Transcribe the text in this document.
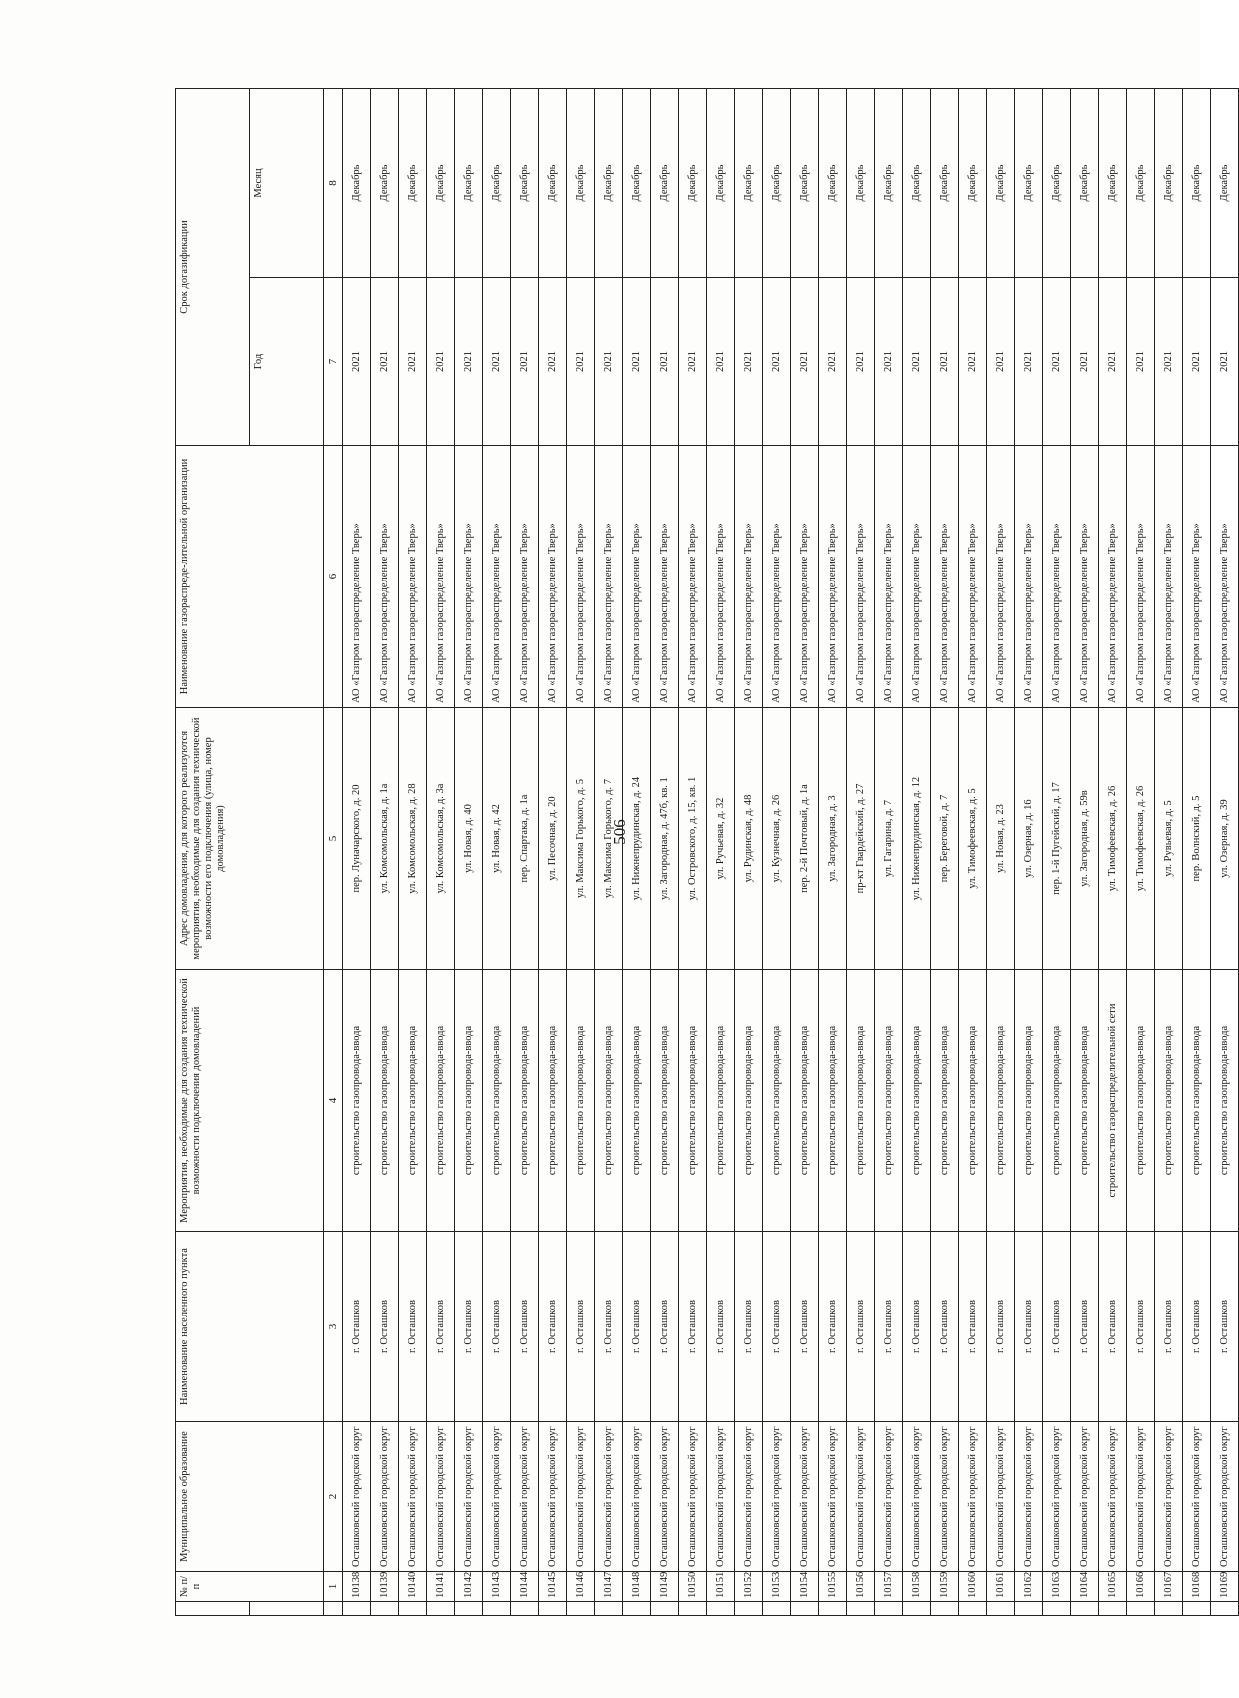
506
	№ п/п	Муниципальное образование	Наименование населенного пункта	Мероприятия, необходимые для создания технической возможности подключения домовладений	Адрес домовладения, для которого реализуются мероприятия, необходимые для создания технической возможности его подключения (улица, номер домовладения)	Наименование газораспреде-лительной организации	Срок догазификации	
							Год	Месяц
	1	2	3	4	5	6	7	8
	10138	Осташковский городской округ	г. Осташков	строительство газопровода-ввода	пер. Луначарского, д. 20	АО «Газпром газораспределение Тверь»	2021	Декабрь
	10139	Осташковский городской округ	г. Осташков	строительство газопровода-ввода	ул. Комсомольская, д. 1а	АО «Газпром газораспределение Тверь»	2021	Декабрь
	10140	Осташковский городской округ	г. Осташков	строительство газопровода-ввода	ул. Комсомольская, д. 28	АО «Газпром газораспределение Тверь»	2021	Декабрь
	10141	Осташковский городской округ	г. Осташков	строительство газопровода-ввода	ул. Комсомольская, д. 3а	АО «Газпром газораспределение Тверь»	2021	Декабрь
	10142	Осташковский городской округ	г. Осташков	строительство газопровода-ввода	ул. Новая, д. 40	АО «Газпром газораспределение Тверь»	2021	Декабрь
	10143	Осташковский городской округ	г. Осташков	строительство газопровода-ввода	ул. Новая, д. 42	АО «Газпром газораспределение Тверь»	2021	Декабрь
	10144	Осташковский городской округ	г. Осташков	строительство газопровода-ввода	пер. Спартака, д. 1а	АО «Газпром газораспределение Тверь»	2021	Декабрь
	10145	Осташковский городской округ	г. Осташков	строительство газопровода-ввода	ул. Песочная, д. 20	АО «Газпром газораспределение Тверь»	2021	Декабрь
	10146	Осташковский городской округ	г. Осташков	строительство газопровода-ввода	ул. Максима Горького, д. 5	АО «Газпром газораспределение Тверь»	2021	Декабрь
	10147	Осташковский городской округ	г. Осташков	строительство газопровода-ввода	ул. Максима Горького, д. 7	АО «Газпром газораспределение Тверь»	2021	Декабрь
	10148	Осташковский городской округ	г. Осташков	строительство газопровода-ввода	ул. Нижнепрудинская, д. 24	АО «Газпром газораспределение Тверь»	2021	Декабрь
	10149	Осташковский городской округ	г. Осташков	строительство газопровода-ввода	ул. Загородная, д. 47б, кв. 1	АО «Газпром газораспределение Тверь»	2021	Декабрь
	10150	Осташковский городской округ	г. Осташков	строительство газопровода-ввода	ул. Островского, д. 15, кв. 1	АО «Газпром газораспределение Тверь»	2021	Декабрь
	10151	Осташковский городской округ	г. Осташков	строительство газопровода-ввода	ул. Ручьевая, д. 32	АО «Газпром газораспределение Тверь»	2021	Декабрь
	10152	Осташковский городской округ	г. Осташков	строительство газопровода-ввода	ул. Рудинская, д. 48	АО «Газпром газораспределение Тверь»	2021	Декабрь
	10153	Осташковский городской округ	г. Осташков	строительство газопровода-ввода	ул. Кузнечная, д. 26	АО «Газпром газораспределение Тверь»	2021	Декабрь
	10154	Осташковский городской округ	г. Осташков	строительство газопровода-ввода	пер. 2-й Почтовый, д. 1а	АО «Газпром газораспределение Тверь»	2021	Декабрь
	10155	Осташковский городской округ	г. Осташков	строительство газопровода-ввода	ул. Загородная, д. 3	АО «Газпром газораспределение Тверь»	2021	Декабрь
	10156	Осташковский городской округ	г. Осташков	строительство газопровода-ввода	пр-кт Гвардейский, д. 27	АО «Газпром газораспределение Тверь»	2021	Декабрь
	10157	Осташковский городской округ	г. Осташков	строительство газопровода-ввода	ул. Гагарина, д. 7	АО «Газпром газораспределение Тверь»	2021	Декабрь
	10158	Осташковский городской округ	г. Осташков	строительство газопровода-ввода	ул. Нижнепрудинская, д. 12	АО «Газпром газораспределение Тверь»	2021	Декабрь
	10159	Осташковский городской округ	г. Осташков	строительство газопровода-ввода	пер. Береговой, д. 7	АО «Газпром газораспределение Тверь»	2021	Декабрь
	10160	Осташковский городской округ	г. Осташков	строительство газопровода-ввода	ул. Тимофеевская, д. 5	АО «Газпром газораспределение Тверь»	2021	Декабрь
	10161	Осташковский городской округ	г. Осташков	строительство газопровода-ввода	ул. Новая, д. 23	АО «Газпром газораспределение Тверь»	2021	Декабрь
	10162	Осташковский городской округ	г. Осташков	строительство газопровода-ввода	ул. Озерная, д. 16	АО «Газпром газораспределение Тверь»	2021	Декабрь
	10163	Осташковский городской округ	г. Осташков	строительство газопровода-ввода	пер. 1-й Пугейский, д. 17	АО «Газпром газораспределение Тверь»	2021	Декабрь
	10164	Осташковский городской округ	г. Осташков	строительство газопровода-ввода	ул. Загородная, д. 59в	АО «Газпром газораспределение Тверь»	2021	Декабрь
	10165	Осташковский городской округ	г. Осташков	строительство газораспределительной сети	ул. Тимофеевская, д. 26	АО «Газпром газораспределение Тверь»	2021	Декабрь
	10166	Осташковский городской округ	г. Осташков	строительство газопровода-ввода	ул. Тимофеевская, д. 26	АО «Газпром газораспределение Тверь»	2021	Декабрь
	10167	Осташковский городской округ	г. Осташков	строительство газопровода-ввода	ул. Рувьевая, д. 5	АО «Газпром газораспределение Тверь»	2021	Декабрь
	10168	Осташковский городской округ	г. Осташков	строительство газопровода-ввода	пер. Волнский, д. 5	АО «Газпром газораспределение Тверь»	2021	Декабрь
	10169	Осташковский городской округ	г. Осташков	строительство газопровода-ввода	ул. Озерная, д. 39	АО «Газпром газораспределение Тверь»	2021	Декабрь
